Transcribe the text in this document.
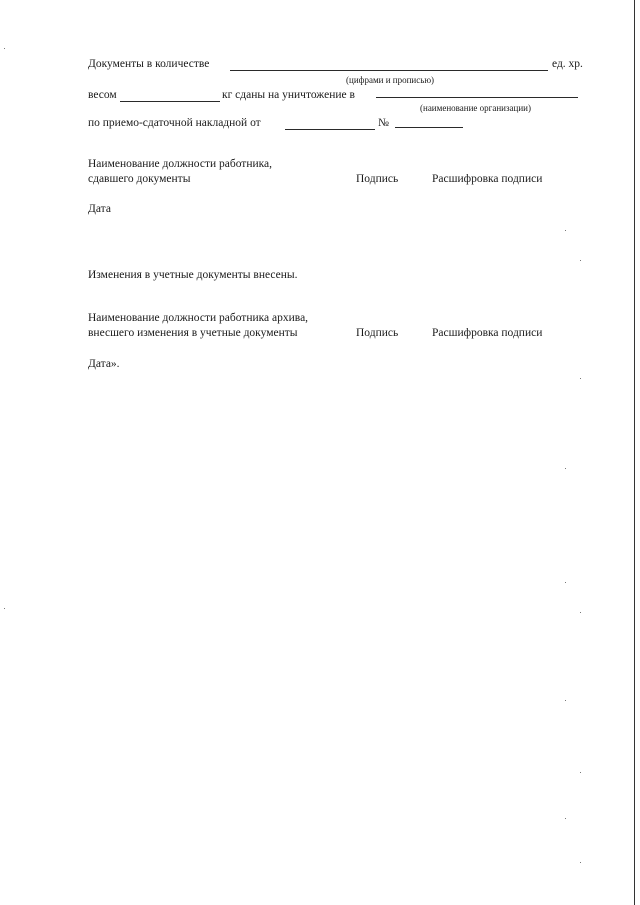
Документы в количестве	ед. хр.
(цифрами и прописью)
весом	кг сданы на уничтожение в
(наименование организации)
по приемо-сдаточной накладной от	№
Наименование должности работника,
сдавшего документы	Подпись	Расшифровка подписи
Дата
Изменения в учетные документы внесены.
Наименование должности работника архива,
внесшего изменения в учетные документы	Подпись	Расшифровка подписи
Дата».
